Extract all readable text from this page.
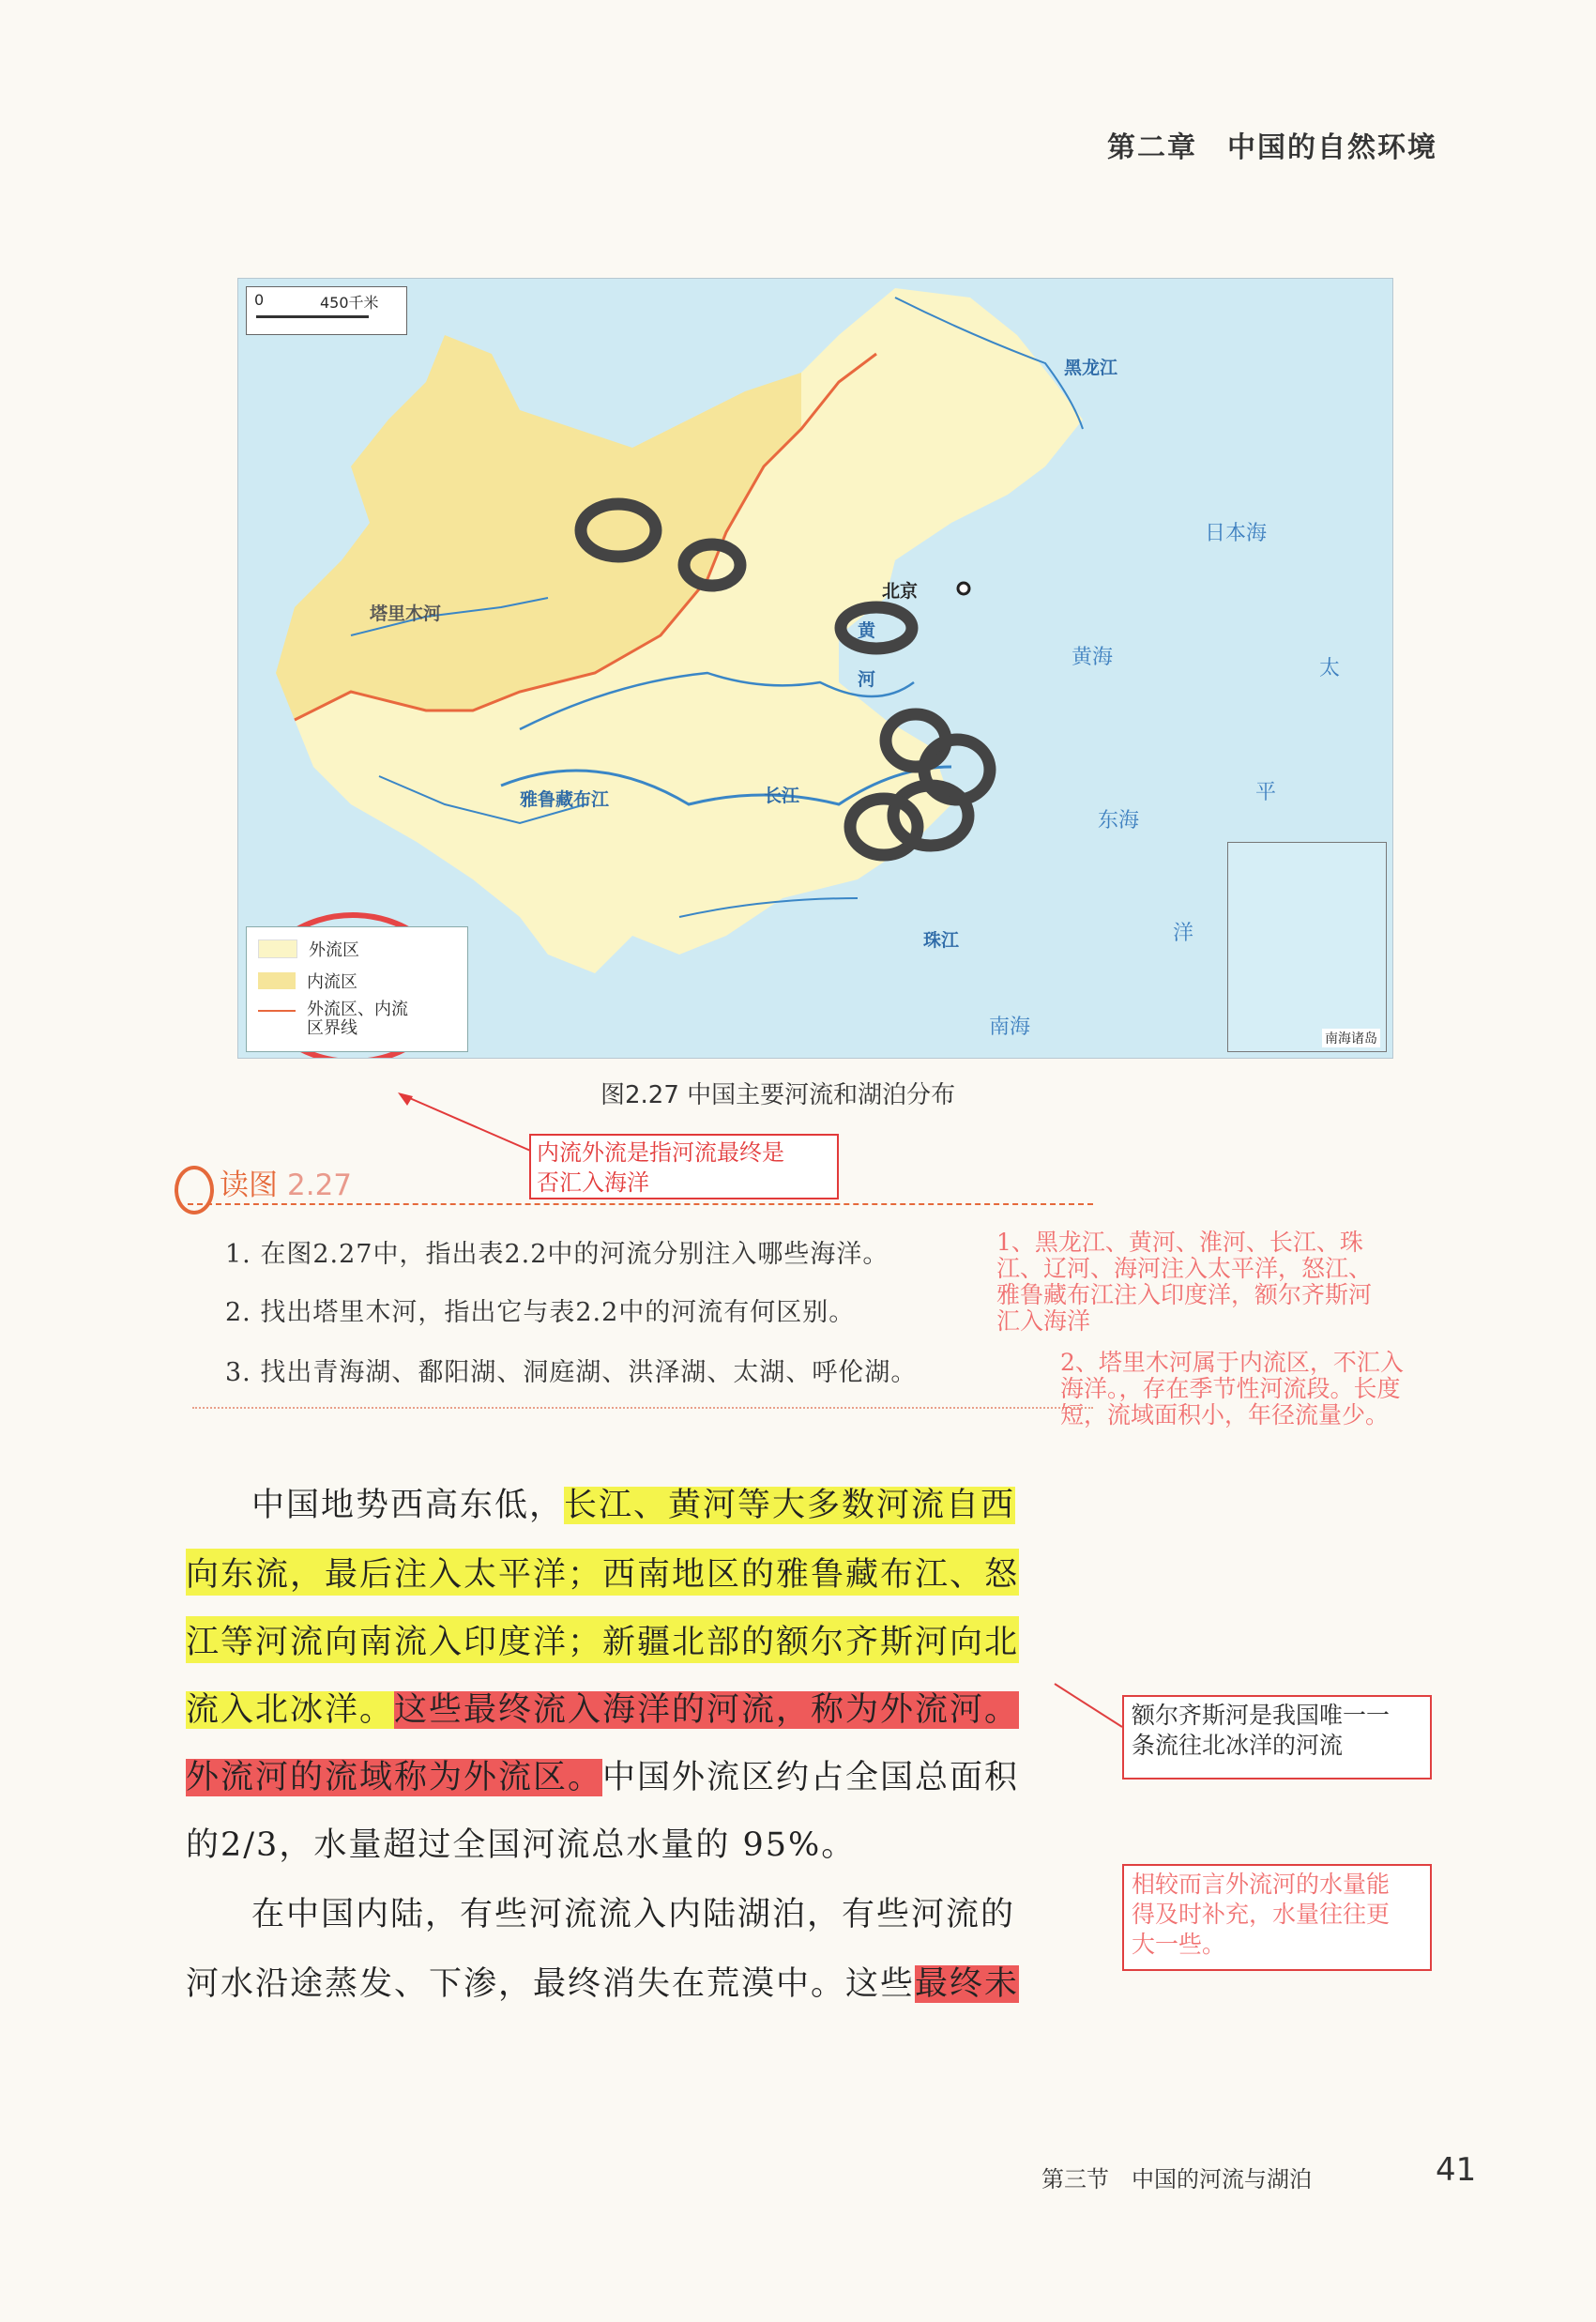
第二章　中国的自然环境
0	450千米
北京
塔里木河
日本海
黄海
东海
南海
太
平
洋
黄
河
雅鲁藏布江	长江
珠江
黑龙江
外流区
内流区
外流区、内流
区界线
南海诸岛
图2.27 中国主要河流和湖泊分布
内流外流是指河流最终是
否汇入海洋
读图 2.27
1. 在图2.27中，指出表2.2中的河流分别注入哪些海洋。
2. 找出塔里木河，指出它与表2.2中的河流有何区别。
3. 找出青海湖、鄱阳湖、洞庭湖、洪泽湖、太湖、呼伦湖。
1、黑龙江、黄河、淮河、长江、珠
江、辽河、海河注入太平洋，怒江、
雅鲁藏布江注入印度洋，额尔齐斯河
汇入海洋
2、塔里木河属于内流区，不汇入
海洋。，存在季节性河流段。长度
短，流域面积小，年径流量少。
中国地势西高东低，长江、黄河等大多数河流自西
向东流，最后注入太平洋；西南地区的雅鲁藏布江、怒
江等河流向南流入印度洋；新疆北部的额尔齐斯河向北
流入北冰洋。这些最终流入海洋的河流，称为外流河。
外流河的流域称为外流区。中国外流区约占全国总面积
的2/3，水量超过全国河流总水量的 95%。
在中国内陆，有些河流流入内陆湖泊，有些河流的
河水沿途蒸发、下渗，最终消失在荒漠中。这些最终未
额尔齐斯河是我国唯一一
条流往北冰洋的河流
相较而言外流河的水量能
得及时补充，水量往往更
大一些。
第三节　中国的河流与湖泊	41
